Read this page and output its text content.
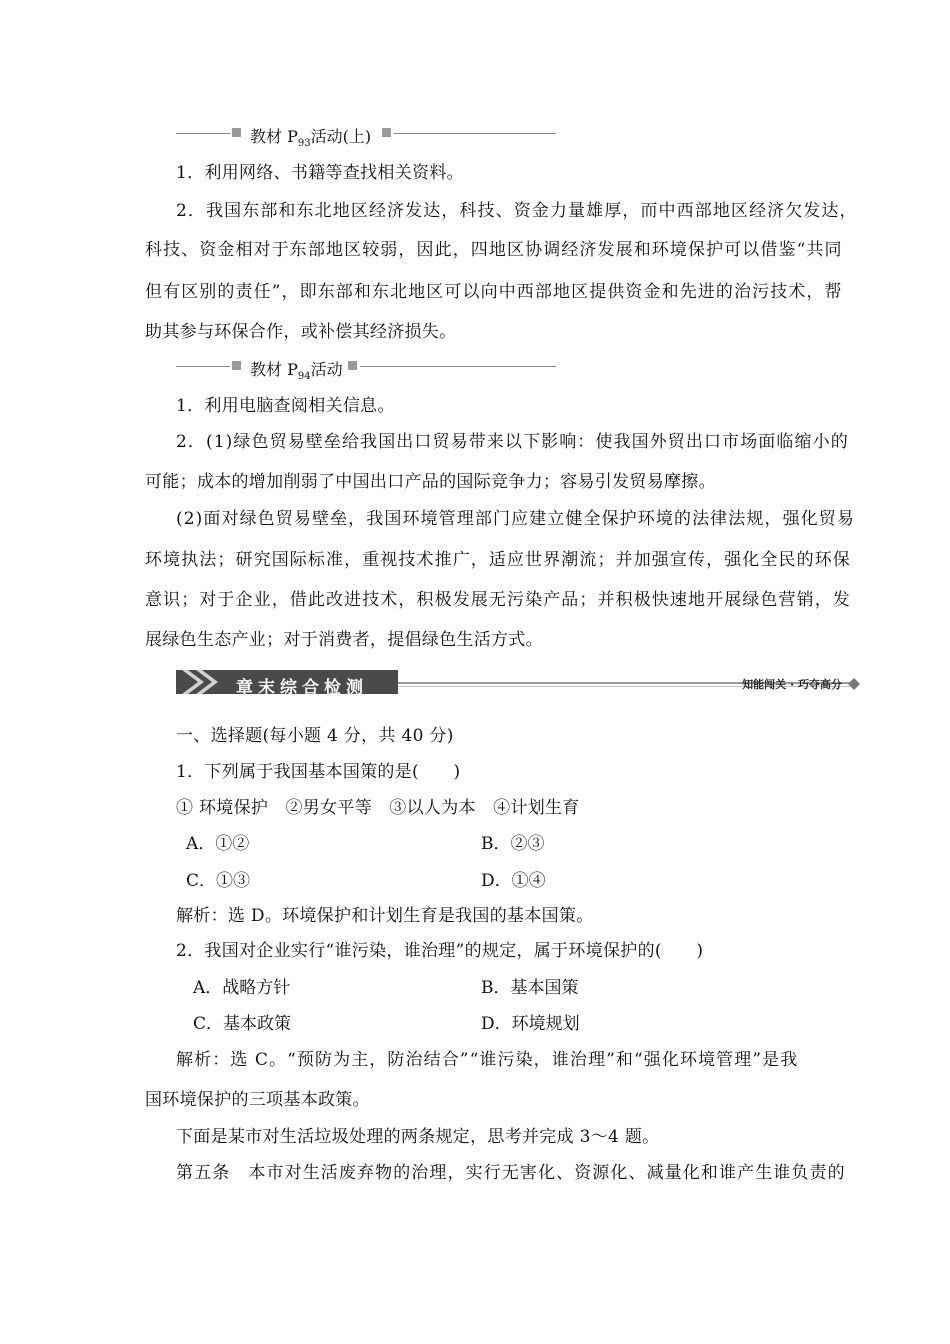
教材 $P_{93}$活动(上)
1．利用网络、书籍等查找相关资料。
2．我国东部和东北地区经济发达，科技、资金力量雄厚，而中西部地区经济欠发达，
科技、资金相对于东部地区较弱，因此，四地区协调经济发展和环境保护可以借鉴“共同
但有区别的责任”，即东部和东北地区可以向中西部地区提供资金和先进的治污技术，帮
助其参与环保合作，或补偿其经济损失。
教材 $P_{94}$活动
1．利用电脑查阅相关信息。
2．(1)绿色贸易壁垒给我国出口贸易带来以下影响：使我国外贸出口市场面临缩小的
可能；成本的增加削弱了中国出口产品的国际竞争力；容易引发贸易摩擦。
(2)面对绿色贸易壁垒，我国环境管理部门应建立健全保护环境的法律法规，强化贸易
环境执法；研究国际标准，重视技术推广，适应世界潮流；并加强宣传，强化全民的环保
意识；对于企业，借此改进技术，积极发展无污染产品；并积极快速地开展绿色营销，发
展绿色生态产业；对于消费者，提倡绿色生活方式。
章末综合检测	知能闯关 · 巧夺高分
一、选择题(每小题 4 分，共 40 分)
1．下列属于我国基本国策的是(　　)
① 环境保护　②男女平等　③以人为本　④计划生育
A．①②	B．②③
C．①③	D．①④
解析：选 D。环境保护和计划生育是我国的基本国策。
2．我国对企业实行“谁污染，谁治理”的规定，属于环境保护的(　　)
A．战略方针	B．基本国策
C．基本政策	D．环境规划
解析：选 C。“预防为主，防治结合”“谁污染，谁治理”和“强化环境管理”是我
国环境保护的三项基本政策。
下面是某市对生活垃圾处理的两条规定，思考并完成 3～4 题。
第五条　本市对生活废弃物的治理，实行无害化、资源化、减量化和谁产生谁负责的
